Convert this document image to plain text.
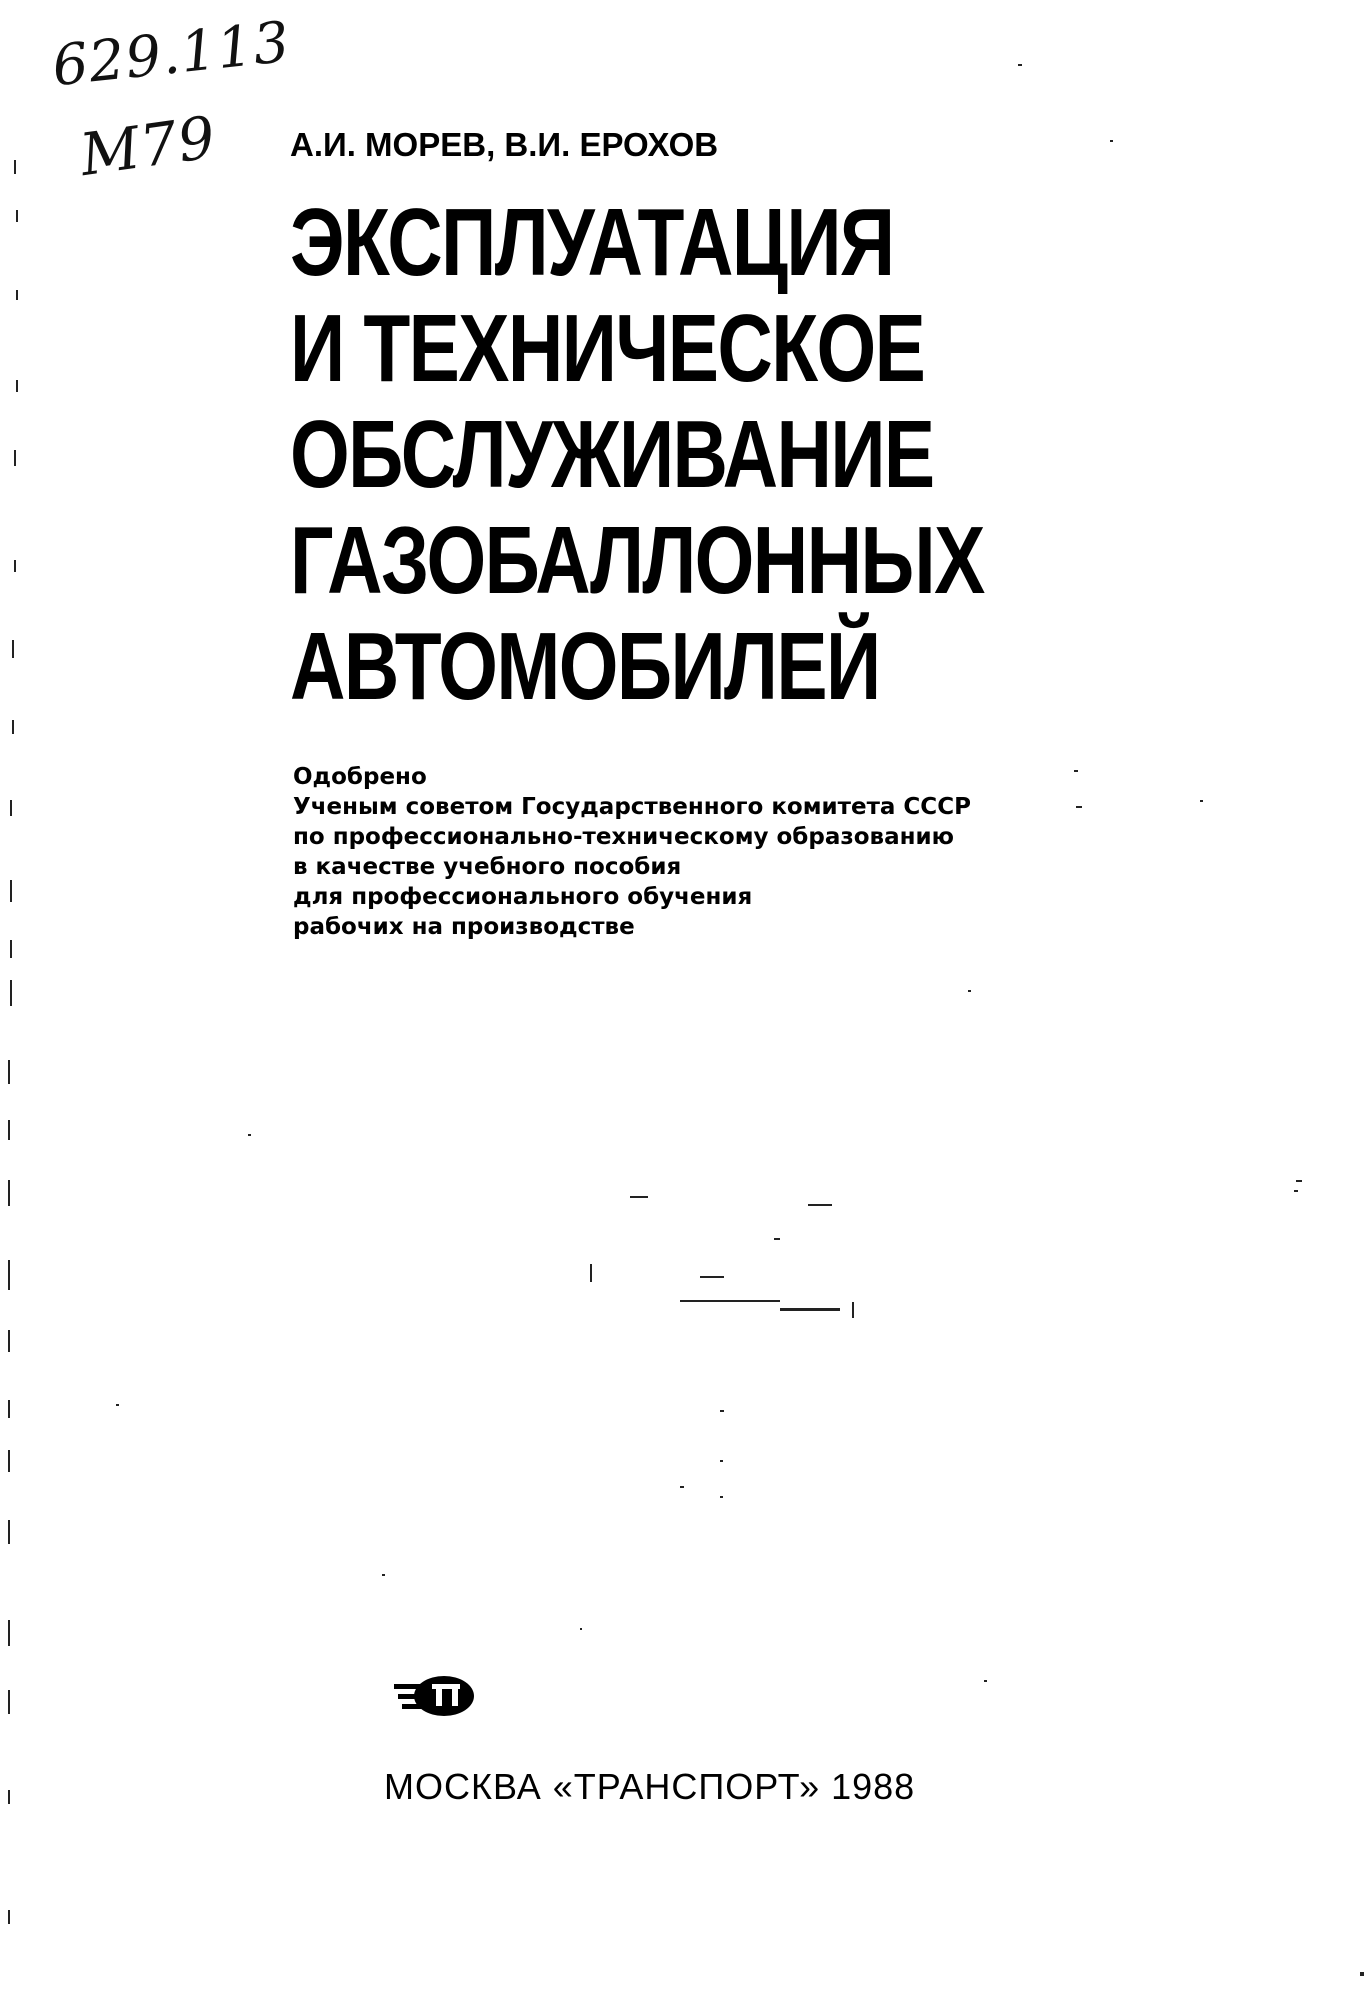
629.113
М79 А.И. МОРЕВ, В.И. ЕРОХОВ
ЭКСПЛУАТАЦИЯ
И ТЕХНИЧЕСКОЕ
ОБСЛУЖИВАНИЕ
ГАЗОБАЛЛОННЫХ
АВТОМОБИЛЕЙ
Одобрено
Ученым советом Государственного комитета СССР
по профессионально-техническому образованию
в качестве учебного пособия
для профессионального обучения
рабочих на производстве
МОСКВА «ТРАНСПОРТ» 1988
